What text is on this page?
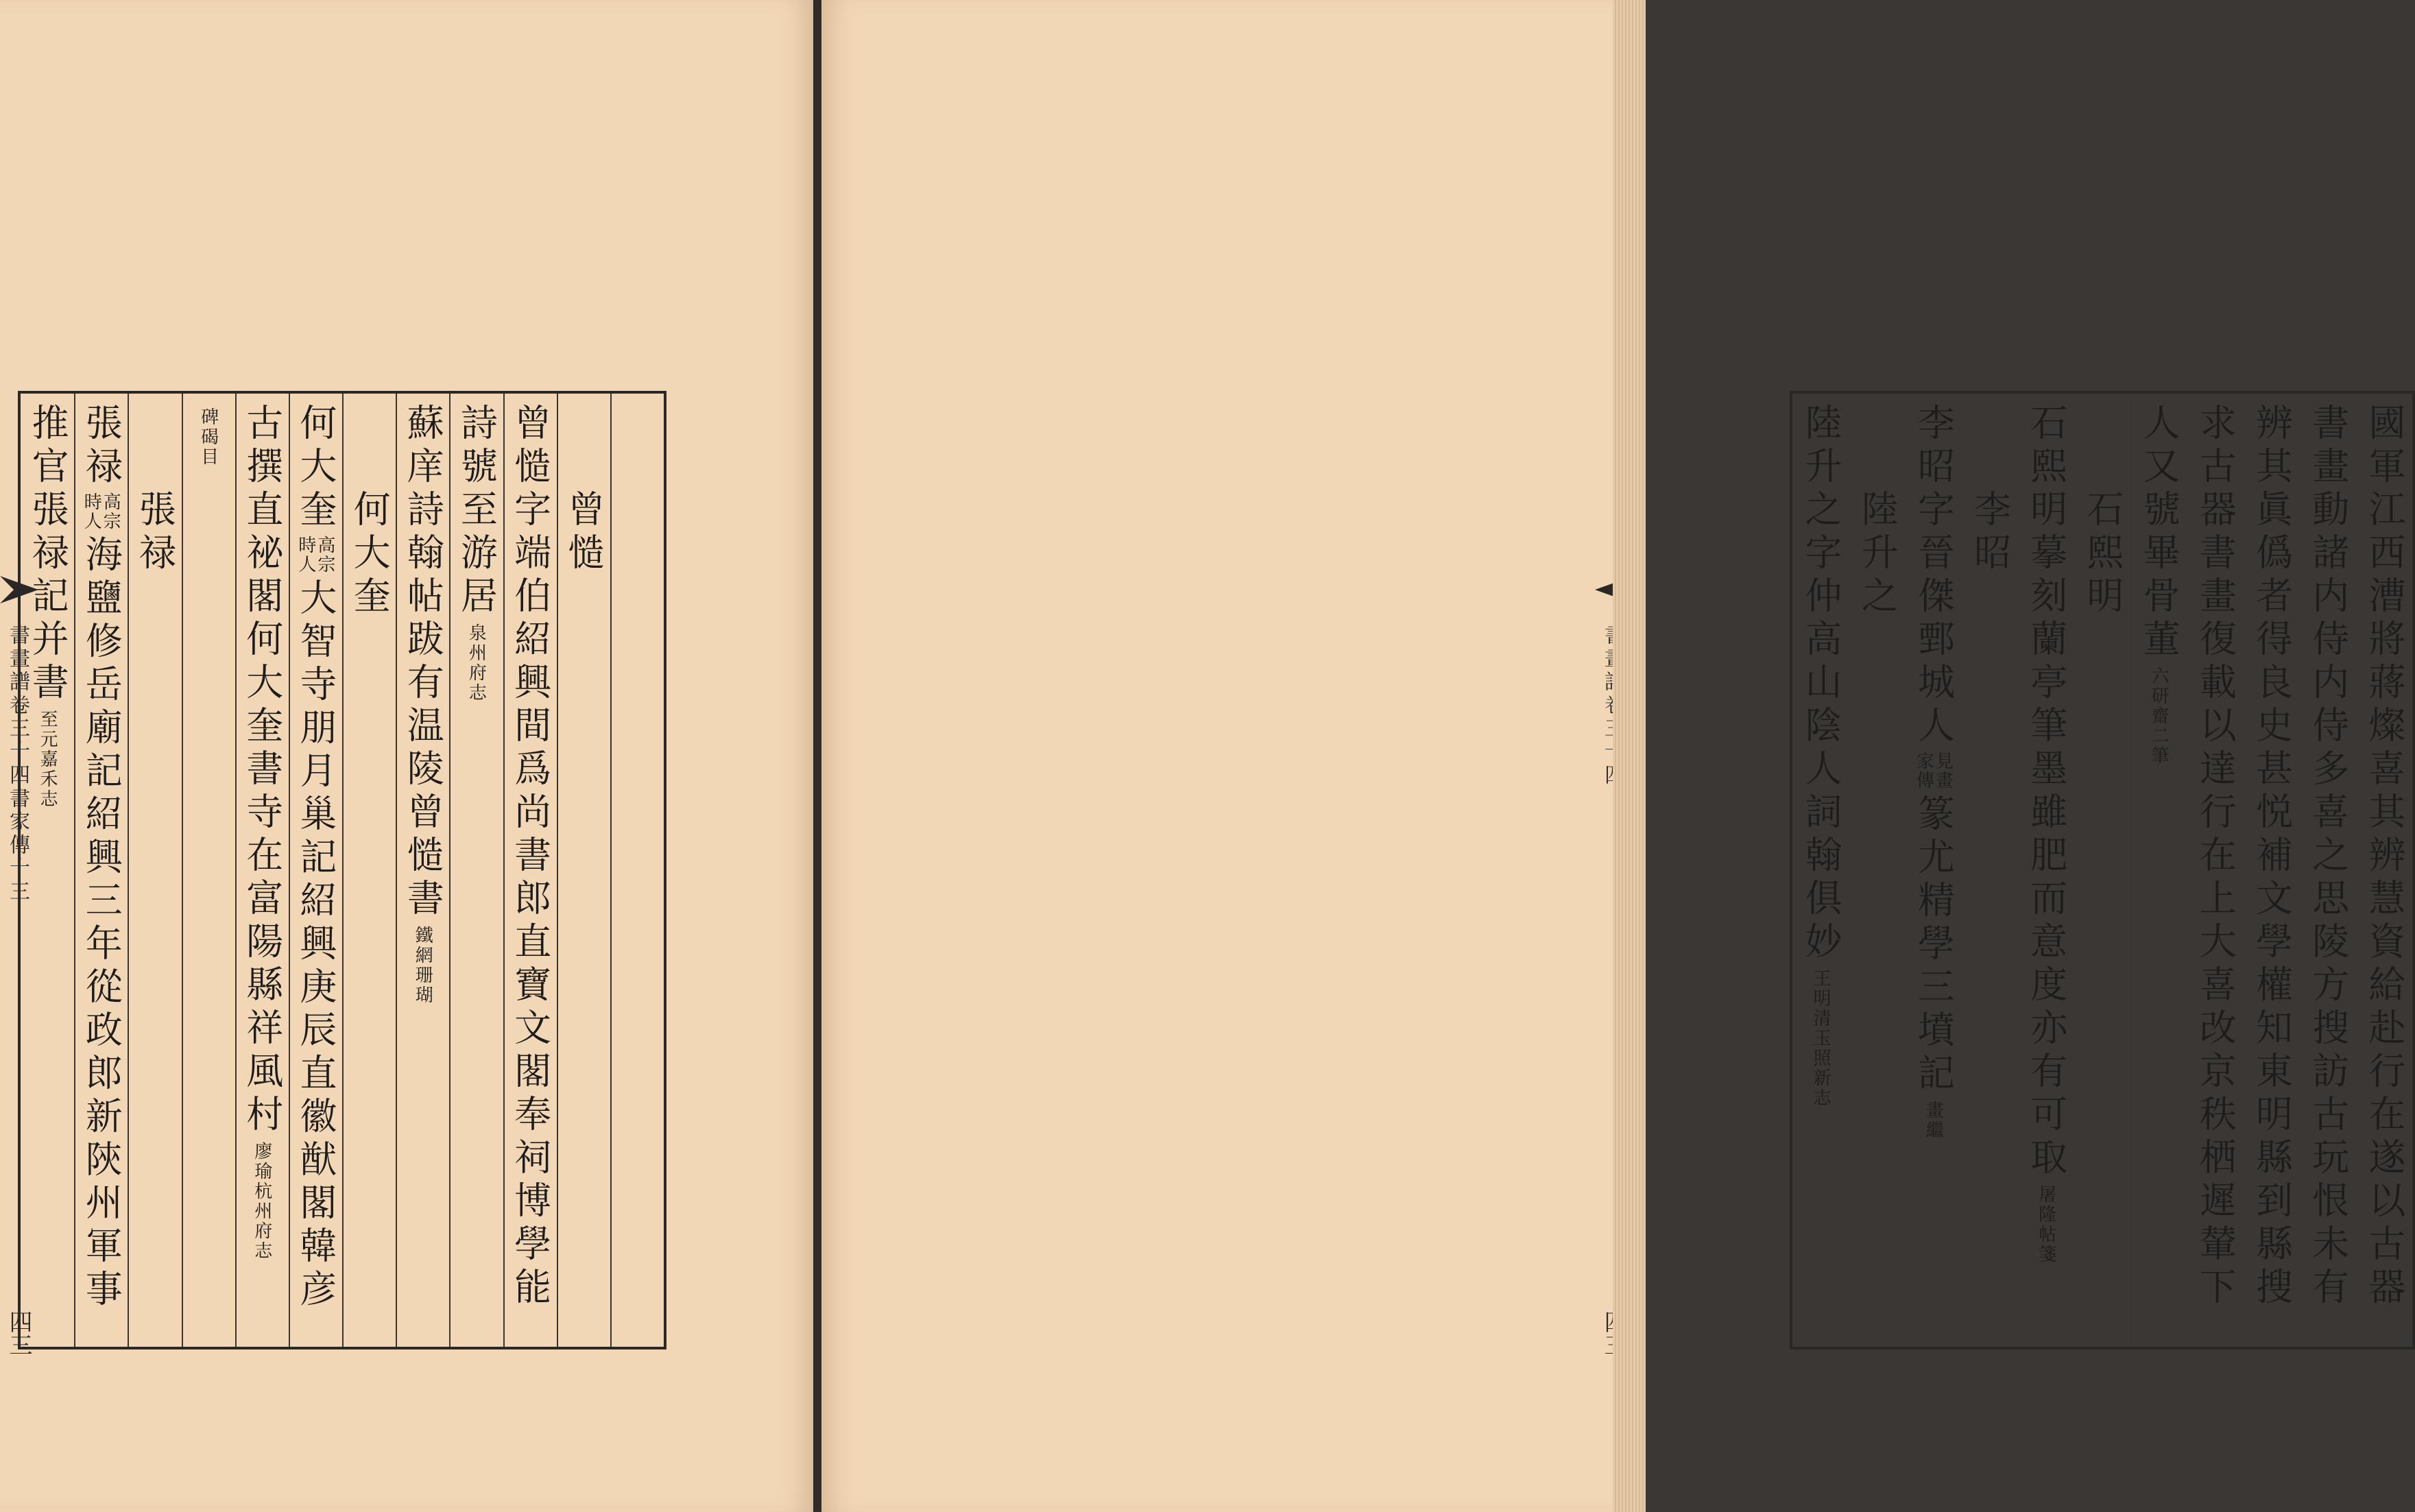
書畫譜卷三十四書家傳十三
四三
曾慥
曾慥字端伯紹興間爲尚書郎直寶文閣奉祠博學能
詩號至游居
泉州府志
蘇庠詩翰帖跋有温陵曾慥書
鐵網珊瑚
何大奎
何大奎
高宗
時人
大智寺朋月巢記紹興庚辰直徽猷閣韓彦
古撰直祕閣何大奎書寺在富陽縣祥風村
廖瑜杭州府志
碑碣目
張禄
張禄
高宗
時人
海鹽修岳廟記紹興三年從政郎新陝州軍事
推官張禄記并書
至元嘉禾志	國軍江西漕將蔣燦喜其辨慧資給赴行在遂以古器
書畫動諸内侍内侍多喜之思陵方搜訪古玩恨未有
辨其眞僞者得良史甚悦補文學權知東明縣到縣搜
求古器書畫復載以達行在上大喜改京秩栖遲輦下
人又號畢骨董
六研齋二筆
石熙明
石熙明摹刻蘭亭筆墨雖肥而意度亦有可取
屠隆帖箋
李昭
李昭字晉傑鄄城人
見畫
家傳
篆尤精學三墳記
畫繼
陸升之
陸升之字仲高山陰人詞翰俱妙
王明清玉照新志
